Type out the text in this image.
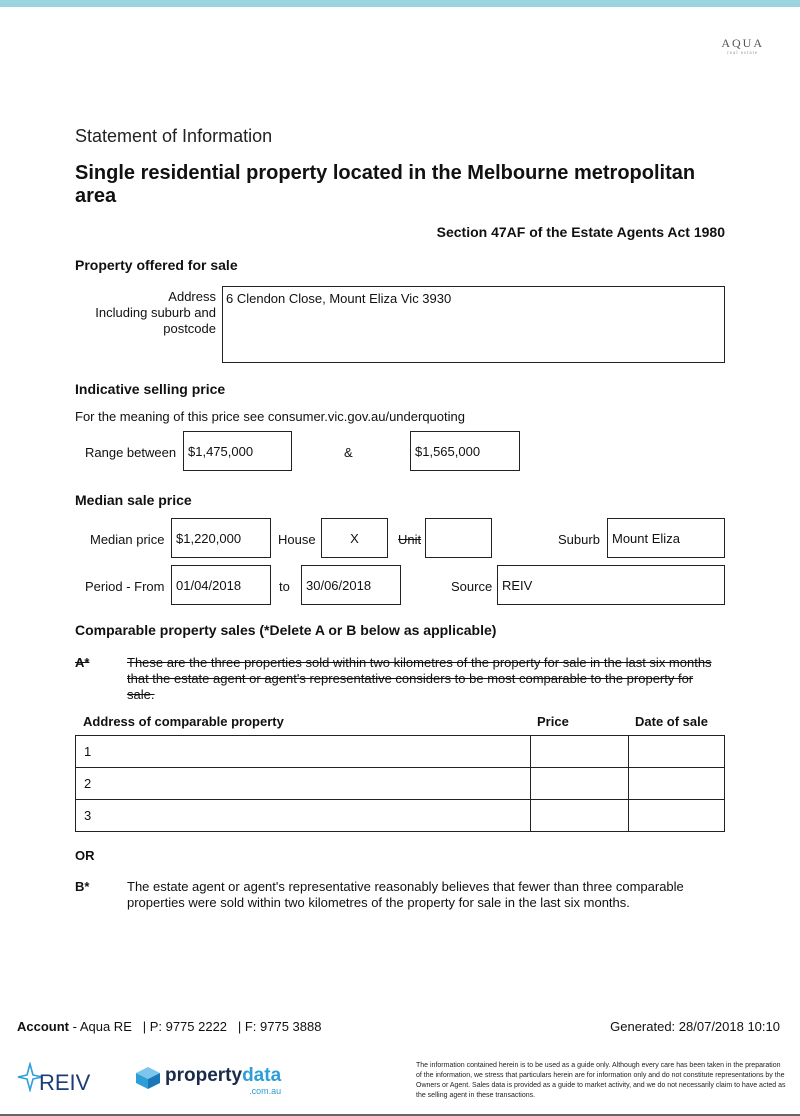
AQUA
real estate
Statement of Information
Single residential property located in the Melbourne metropolitan area
Section 47AF of the Estate Agents Act 1980
Property offered for sale
Address
Including suburb and
postcode
6 Clendon Close, Mount Eliza Vic 3930
Indicative selling price
For the meaning of this price see consumer.vic.gov.au/underquoting
Range between $1,475,000	&	$1,565,000
Median sale price
Median price $1,220,000	House	X	Unit	Suburb Mount Eliza
Period - From 01/04/2018	to	30/06/2018	Source REIV
Comparable property sales (*Delete A or B below as applicable)
A*	These are the three properties sold within two kilometres of the property for sale in the last six months that the estate agent or agent's representative considers to be most comparable to the property for sale.
Address of comparable property	Price	Date of sale
1		
2		
3		
OR
B*	The estate agent or agent's representative reasonably believes that fewer than three comparable properties were sold within two kilometres of the property for sale in the last six months.
Account - Aqua RE   | P: 9775 2222   | F: 9775 3888	Generated: 28/07/2018 10:10
REIV	propertydata
.com.au
The information contained herein is to be used as a guide only. Although every care has been taken in the preparation of the information, we stress that particulars herein are for information only and do not constitute representations by the Owners or Agent. Sales data is provided as a guide to market activity, and we do not necessarily claim to have acted as the selling agent in these transactions.
